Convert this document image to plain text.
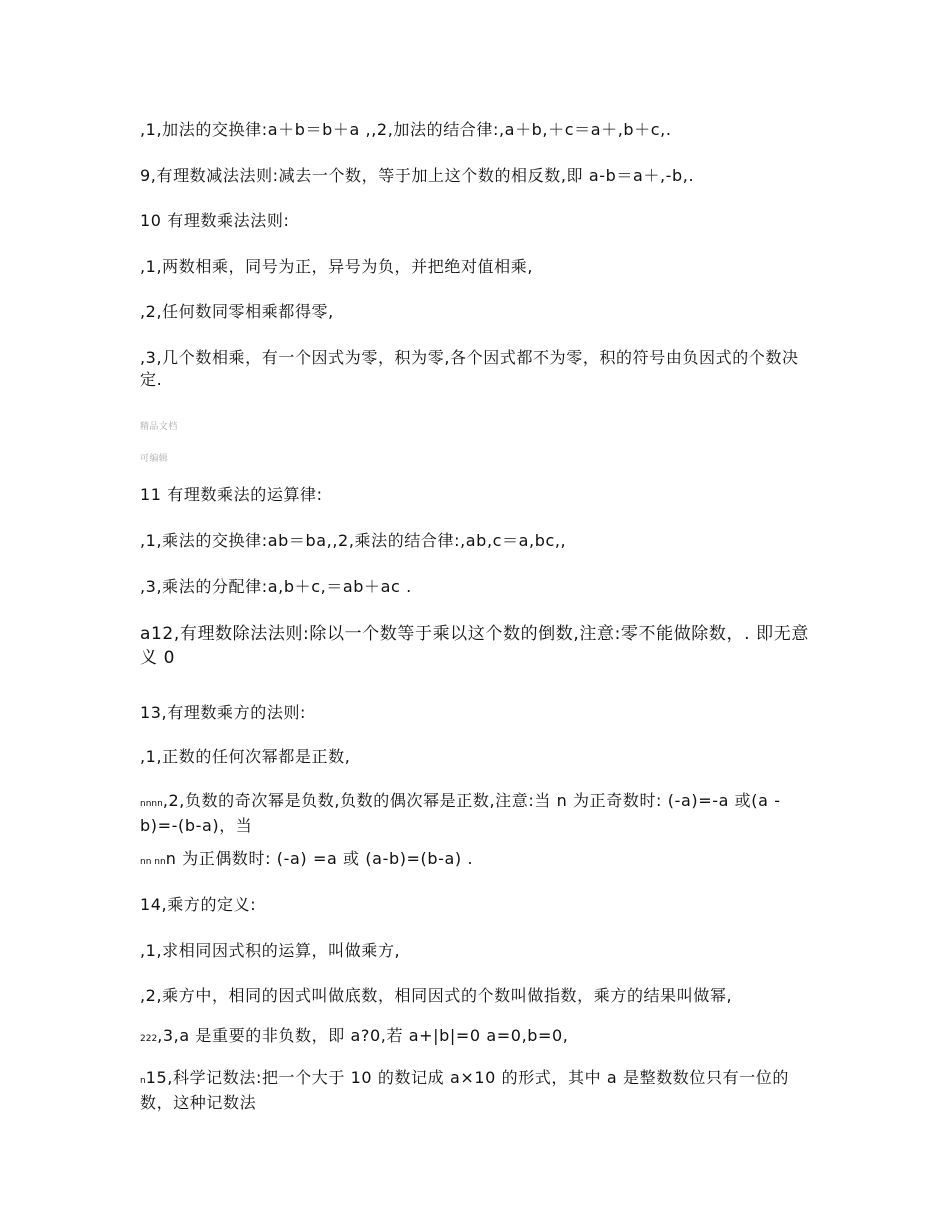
,1,加法的交换律:a＋b＝b＋a ,,2,加法的结合律:,a＋b,＋c＝a＋,b＋c,.
9,有理数减法法则:减去一个数，等于加上这个数的相反数,即 a-b＝a＋,-b,.
10 有理数乘法法则:
,1,两数相乘，同号为正，异号为负，并把绝对值相乘,
,2,任何数同零相乘都得零,
,3,几个数相乘，有一个因式为零，积为零,各个因式都不为零，积的符号由负因式的个数决定.
精品文档
可编辑
11 有理数乘法的运算律:
,1,乘法的交换律:ab＝ba,,2,乘法的结合律:,ab,c＝a,bc,,
,3,乘法的分配律:a,b＋c,＝ab＋ac .
a12,有理数除法法则:除以一个数等于乘以这个数的倒数,注意:零不能做除数，. 即无意义 0
13,有理数乘方的法则:
,1,正数的任何次幂都是正数,
nnnn,2,负数的奇次幂是负数,负数的偶次幂是正数,注意:当 n 为正奇数时: (-a)=-a 或(a -b)=-(b-a)，当
nn nnn 为正偶数时: (-a) =a 或 (a-b)=(b-a) .
14,乘方的定义:
,1,求相同因式积的运算，叫做乘方,
,2,乘方中，相同的因式叫做底数，相同因式的个数叫做指数，乘方的结果叫做幂,
222,3,a 是重要的非负数，即 a?0,若 a+|b|=0 a=0,b=0,
n15,科学记数法:把一个大于 10 的数记成 a×10 的形式，其中 a 是整数数位只有一位的数，这种记数法
